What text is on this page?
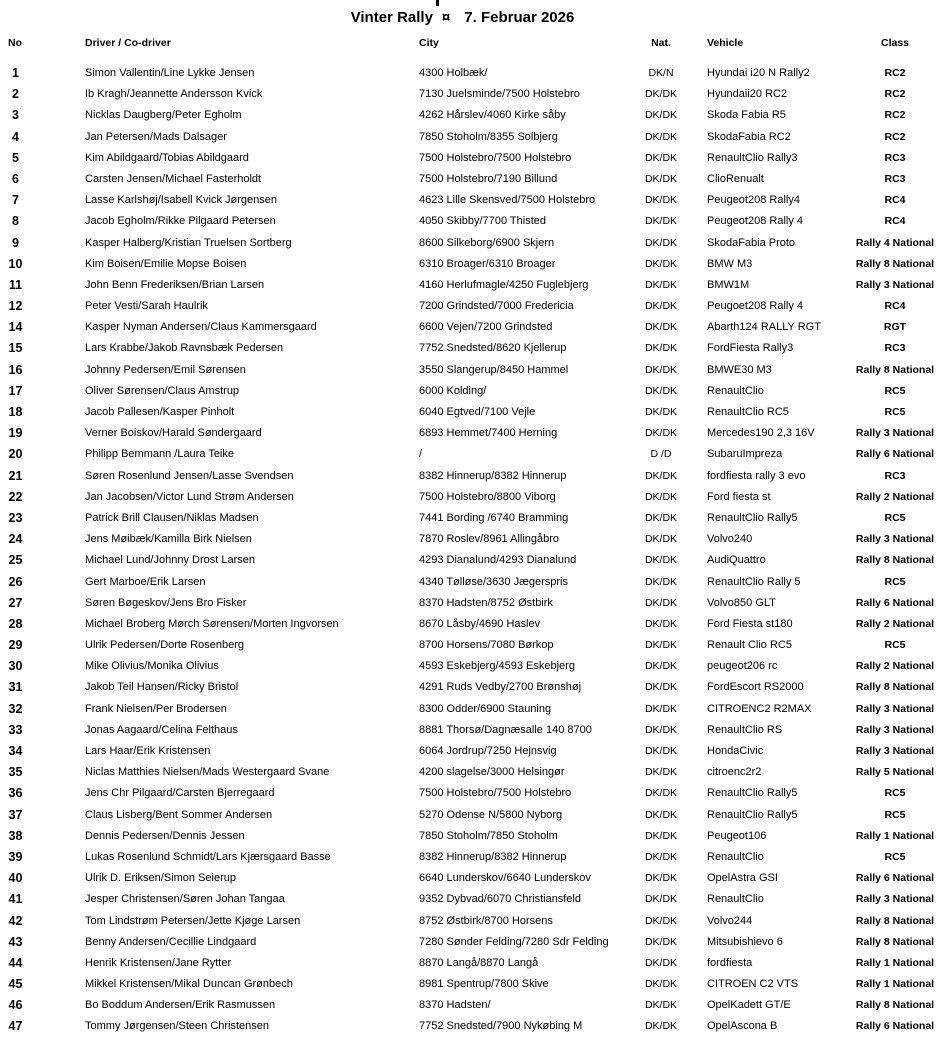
Vinter Rally ¤ 7. Februar 2026
No	Driver / Co-driver	City	Nat.	Vehicle	Class
1	Simon Vallentin/Line Lykke Jensen	4300 Holbæk/	DK/N	Hyundai i20 N Rally2	RC2
2	Ib Kragh/Jeannette Andersson Kvick	7130 Juelsminde/7500 Holstebro	DK/DK	Hyundaii20 RC2	RC2
3	Nicklas Daugberg/Peter Egholm	4262 Hårslev/4060 Kirke såby	DK/DK	Skoda Fabia R5	RC2
4	Jan Petersen/Mads Dalsager	7850 Stoholm/8355 Solbjerg	DK/DK	SkodaFabia RC2	RC2
5	Kim Abildgaard/Tobias Abildgaard	7500 Holstebro/7500 Holstebro	DK/DK	RenaultClio Rally3	RC3
6	Carsten Jensen/Michael Fasterholdt	7500 Holstebro/7190 Billund	DK/DK	ClioRenualt	RC3
7	Lasse Karlshøj/Isabell Kvick Jørgensen	4623 Lille Skensved/7500 Holstebro	DK/DK	Peugeot208 Rally4	RC4
8	Jacob Egholm/Rikke Pilgaard Petersen	4050 Skibby/7700 Thisted	DK/DK	Peugeot208 Rally 4	RC4
9	Kasper Halberg/Kristian Truelsen Sortberg	8600 Silkeborg/6900 Skjern	DK/DK	SkodaFabia Proto	Rally 4 National
10	Kim Boisen/Emilie Mopse Boisen	6310 Broager/6310 Broager	DK/DK	BMW M3	Rally 8 National
11	John Benn Frederiksen/Brian Larsen	4160 Herlufmagle/4250 Fuglebjerg	DK/DK	BMW1M	Rally 3 National
12	Peter Vesti/Sarah Haulrik	7200 Grindsted/7000 Fredericia	DK/DK	Peugoet208 Rally 4	RC4
14	Kasper Nyman Andersen/Claus Kammersgaard	6600 Vejen/7200 Grindsted	DK/DK	Abarth124 RALLY RGT	RGT
15	Lars Krabbe/Jakob Ravnsbæk Pedersen	7752 Snedsted/8620 Kjellerup	DK/DK	FordFiesta Rally3	RC3
16	Johnny Pedersen/Emil Sørensen	3550 Slangerup/8450 Hammel	DK/DK	BMWE30 M3	Rally 8 National
17	Oliver Sørensen/Claus Amstrup	6000 Kolding/	DK/DK	RenaultClio	RC5
18	Jacob Pallesen/Kasper Pinholt	6040 Egtved/7100 Vejle	DK/DK	RenaultClio RC5	RC5
19	Verner Boiskov/Harald Søndergaard	6893 Hemmet/7400 Herning	DK/DK	Mercedes190 2,3 16V	Rally 3 National
20	Philipp Bemmann /Laura Teike	/	D /D	SubaruImpreza	Rally 6 National
21	Søren Rosenlund Jensen/Lasse Svendsen	8382 Hinnerup/8382 Hinnerup	DK/DK	fordfiesta rally 3 evo	RC3
22	Jan Jacobsen/Victor Lund Strøm Andersen	7500 Holstebro/8800 Viborg	DK/DK	Ford fiesta st	Rally 2 National
23	Patrick Brill Clausen/Niklas Madsen	7441 Bording /6740 Bramming	DK/DK	RenaultClio Rally5	RC5
24	Jens Møibæk/Kamilla Birk Nielsen	7870 Roslev/8961 Allingåbro	DK/DK	Volvo240	Rally 3 National
25	Michael Lund/Johnny Drost Larsen	4293 Dianalund/4293 Dianalund	DK/DK	AudiQuattro	Rally 8 National
26	Gert Marboe/Erik Larsen	4340 Tølløse/3630 Jægerspris	DK/DK	RenaultClio Rally 5	RC5
27	Søren Bøgeskov/Jens Bro Fisker	8370 Hadsten/8752 Østbirk	DK/DK	Volvo850 GLT	Rally 6 National
28	Michael Broberg Mørch Sørensen/Morten Ingvorsen	8670 Låsby/4690 Haslev	DK/DK	Ford Fiesta st180	Rally 2 National
29	Ulrik Pedersen/Dorte Rosenberg	8700 Horsens/7080 Børkop	DK/DK	Renault Clio RC5	RC5
30	Mike Olivius/Monika Olivius	4593 Eskebjerg/4593 Eskebjerg	DK/DK	peugeot206 rc	Rally 2 National
31	Jakob Teil Hansen/Ricky Bristol	4291 Ruds Vedby/2700 Brønshøj	DK/DK	FordEscort RS2000	Rally 8 National
32	Frank Nielsen/Per Brodersen	8300 Odder/6900 Stauning	DK/DK	CITROENC2 R2MAX	Rally 3 National
33	Jonas Aagaard/Celina Felthaus	8881 Thorsø/Dagnæsalle 140 8700	DK/DK	RenaultClio RS	Rally 3 National
34	Lars Haar/Erik Kristensen	6064 Jordrup/7250 Hejnsvig	DK/DK	HondaCivic	Rally 3 National
35	Niclas Matthies Nielsen/Mads Westergaard Svane	4200 slagelse/3000 Helsingør	DK/DK	citroenc2r2	Rally 5 National
36	Jens Chr Pilgaard/Carsten Bjerregaard	7500 Holstebro/7500 Holstebro	DK/DK	RenaultClio Rally5	RC5
37	Claus Lisberg/Bent Sommer Andersen	5270 Odense N/5800 Nyborg	DK/DK	RenaultClio Rally5	RC5
38	Dennis Pedersen/Dennis Jessen	7850 Stoholm/7850 Stoholm	DK/DK	Peugeot106	Rally 1 National
39	Lukas Rosenlund Schmidt/Lars Kjærsgaard Basse	8382 Hinnerup/8382 Hinnerup	DK/DK	RenaultClio	RC5
40	Ulrik D. Eriksen/Simon Seierup	6640 Lunderskov/6640 Lunderskov	DK/DK	OpelAstra GSI	Rally 6 National
41	Jesper Christensen/Søren Johan Tangaa	9352 Dybvad/6070 Christiansfeld	DK/DK	RenaultClio	Rally 3 National
42	Tom Lindstrøm Petersen/Jette Kjøge Larsen	8752 Østbirk/8700 Horsens	DK/DK	Volvo244	Rally 8 National
43	Benny Andersen/Cecillie Lindgaard	7280 Sønder Felding/7280 Sdr Felding	DK/DK	Mitsubishievo 6	Rally 8 National
44	Henrik Kristensen/Jane Rytter	8870 Langå/8870 Langå	DK/DK	fordfiesta	Rally 1 National
45	Mikkel Kristensen/Mikal Duncan Grønbech	8981 Spentrup/7800 Skive	DK/DK	CITROEN C2 VTS	Rally 1 National
46	Bo Boddum Andersen/Erik Rasmussen	8370 Hadsten/	DK/DK	OpelKadett GT/E	Rally 8 National
47	Tommy Jørgensen/Steen Christensen	7752 Snedsted/7900 Nykøbing M	DK/DK	OpelAscona B	Rally 6 National
